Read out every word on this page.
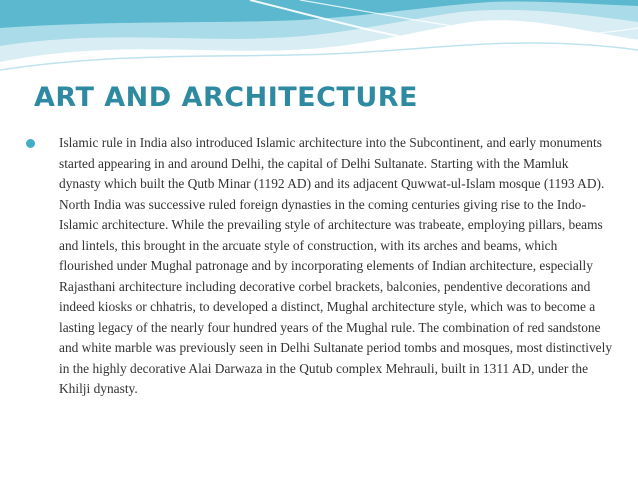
ART AND ARCHITECTURE

Islamic rule in India also introduced Islamic architecture into the Subcontinent, and early monuments started appearing in and around Delhi, the capital of Delhi Sultanate. Starting with the Mamluk dynasty which built the Qutb Minar (1192 AD) and its adjacent Quwwat-ul-Islam mosque (1193 AD). North India was successive ruled foreign dynasties in the coming centuries giving rise to the Indo-Islamic architecture. While the prevailing style of architecture was trabeate, employing pillars, beams and lintels, this brought in the arcuate style of construction, with its arches and beams, which flourished under Mughal patronage and by incorporating elements of Indian architecture, especially Rajasthani architecture including decorative corbel brackets, balconies, pendentive decorations and indeed kiosks or chhatris, to developed a distinct, Mughal architecture style, which was to become a lasting legacy of the nearly four hundred years of the Mughal rule. The combination of red sandstone and white marble was previously seen in Delhi Sultanate period tombs and mosques, most distinctively in the highly decorative Alai Darwaza in the Qutub complex Mehrauli, built in 1311 AD, under the Khilji dynasty.
